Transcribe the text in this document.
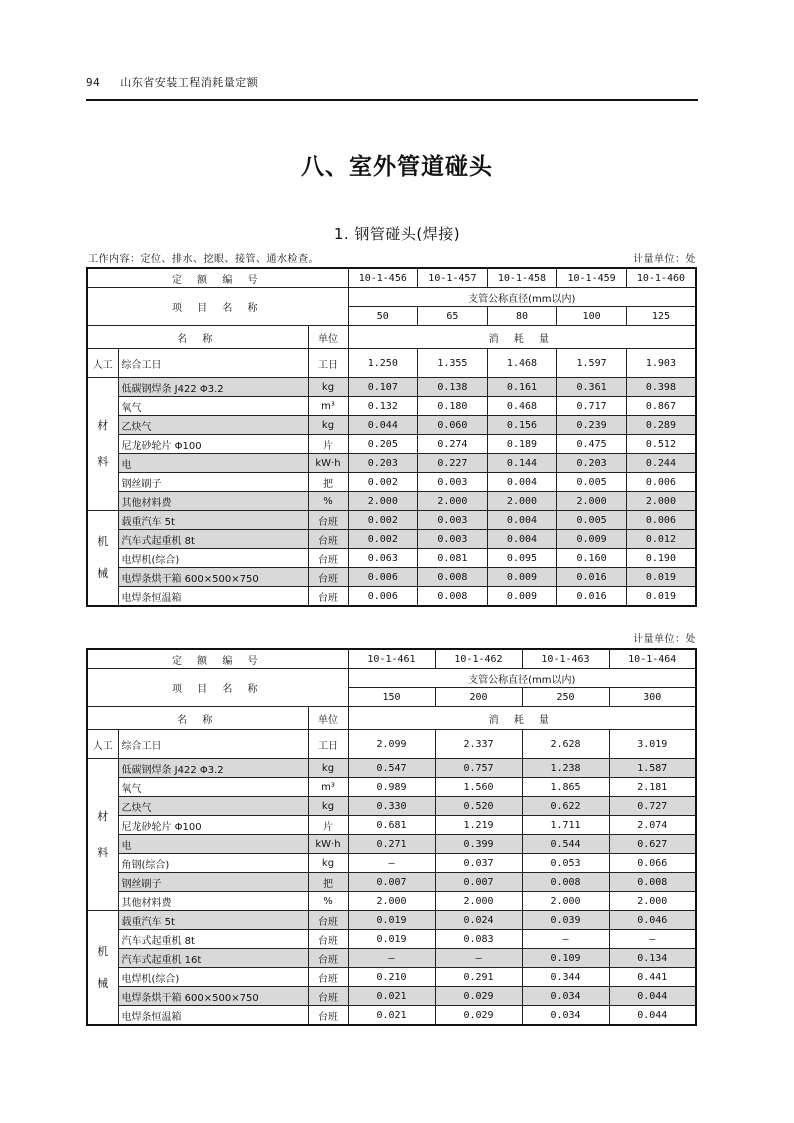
94 山东省安装工程消耗量定额
八、室外管道碰头
1. 钢管碰头(焊接)
工作内容：定位、排水、挖眼、接管、通水检查。	计量单位：处
定 额 编 号			10-1-456	10-1-457	10-1-458	10-1-459	10-1-460
项 目 名 称			支管公称直径(mm以内)				
			50	65	80	100	125
名 称		单位	消 耗 量				
人工	综合工日	工日	1.250	1.355	1.468	1.597	1.903

材
料	低碳钢焊条 J422 Φ3.2	kg	0.107	0.138	0.161	0.361	0.398
	氧气	m³	0.132	0.180	0.468	0.717	0.867
	乙炔气	kg	0.044	0.060	0.156	0.239	0.289
	尼龙砂轮片 Φ100	片	0.205	0.274	0.189	0.475	0.512
	电	kW·h	0.203	0.227	0.144	0.203	0.244
	钢丝刷子	把	0.002	0.003	0.004	0.005	0.006
	其他材料费	%	2.000	2.000	2.000	2.000	2.000

机
械	载重汽车 5t	台班	0.002	0.003	0.004	0.005	0.006
	汽车式起重机 8t	台班	0.002	0.003	0.004	0.009	0.012
	电焊机(综合)	台班	0.063	0.081	0.095	0.160	0.190
	电焊条烘干箱 600×500×750	台班	0.006	0.008	0.009	0.016	0.019
	电焊条恒温箱	台班	0.006	0.008	0.009	0.016	0.019
计量单位：处
定 额 编 号			10-1-461	10-1-462	10-1-463	10-1-464
项 目 名 称			支管公称直径(mm以内)			
			150	200	250	300
名 称		单位	消 耗 量			
人工	综合工日	工日	2.099	2.337	2.628	3.019

材
料	低碳钢焊条 J422 Φ3.2	kg	0.547	0.757	1.238	1.587
	氧气	m³	0.989	1.560	1.865	2.181
	乙炔气	kg	0.330	0.520	0.622	0.727
	尼龙砂轮片 Φ100	片	0.681	1.219	1.711	2.074
	电	kW·h	0.271	0.399	0.544	0.627
	角钢(综合)	kg	—	0.037	0.053	0.066
	钢丝刷子	把	0.007	0.007	0.008	0.008
	其他材料费	%	2.000	2.000	2.000	2.000

机
械	载重汽车 5t	台班	0.019	0.024	0.039	0.046
	汽车式起重机 8t	台班	0.019	0.083	—	—
	汽车式起重机 16t	台班	—	—	0.109	0.134
	电焊机(综合)	台班	0.210	0.291	0.344	0.441
	电焊条烘干箱 600×500×750	台班	0.021	0.029	0.034	0.044
	电焊条恒温箱	台班	0.021	0.029	0.034	0.044
